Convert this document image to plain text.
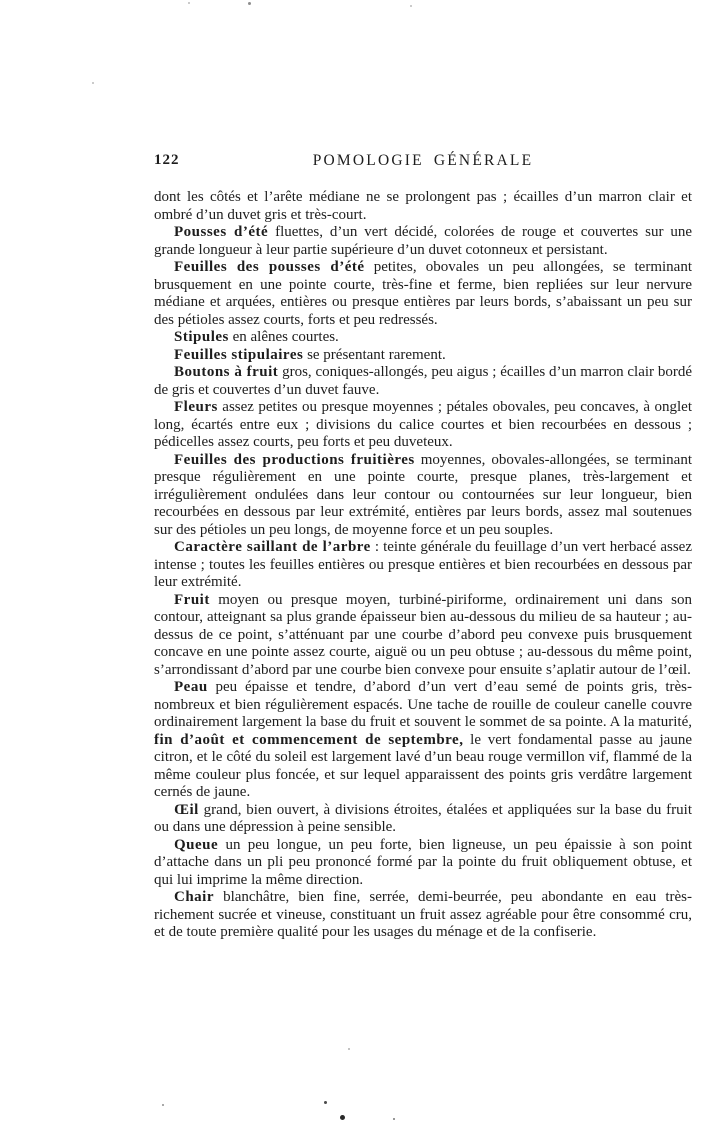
122	POMOLOGIE GÉNÉRALE

dont les côtés et l’arête médiane ne se prolongent pas ; écailles d’un marron clair et ombré d’un duvet gris et très-court.

Pousses d’été fluettes, d’un vert décidé, colorées de rouge et couvertes sur une grande longueur à leur partie supérieure d’un duvet cotonneux et persistant.

Feuilles des pousses d’été petites, obovales un peu allongées, se terminant brusquement en une pointe courte, très-fine et ferme, bien repliées sur leur nervure médiane et arquées, entières ou presque entières par leurs bords, s’abaissant un peu sur des pétioles assez courts, forts et peu redressés.

Stipules en alênes courtes.

Feuilles stipulaires se présentant rarement.

Boutons à fruit gros, coniques-allongés, peu aigus ; écailles d’un marron clair bordé de gris et couvertes d’un duvet fauve.

Fleurs assez petites ou presque moyennes ; pétales obovales, peu concaves, à onglet long, écartés entre eux ; divisions du calice courtes et bien recourbées en dessous ; pédicelles assez courts, peu forts et peu duveteux.

Feuilles des productions fruitières moyennes, obovales-allongées, se terminant presque régulièrement en une pointe courte, presque planes, très-largement et irrégulièrement ondulées dans leur contour ou contournées sur leur longueur, bien recourbées en dessous par leur extrémité, entières par leurs bords, assez mal soutenues sur des pétioles un peu longs, de moyenne force et un peu souples.

Caractère saillant de l’arbre : teinte générale du feuillage d’un vert herbacé assez intense ; toutes les feuilles entières ou presque entières et bien recourbées en dessous par leur extrémité.

Fruit moyen ou presque moyen, turbiné-piriforme, ordinairement uni dans son contour, atteignant sa plus grande épaisseur bien au-dessous du milieu de sa hauteur ; au-dessus de ce point, s’atténuant par une courbe d’abord peu convexe puis brusquement concave en une pointe assez courte, aiguë ou un peu obtuse ; au-dessous du même point, s’arrondissant d’abord par une courbe bien convexe pour ensuite s’aplatir autour de l’œil.

Peau peu épaisse et tendre, d’abord d’un vert d’eau semé de points gris, très-nombreux et bien régulièrement espacés. Une tache de rouille de couleur canelle couvre ordinairement largement la base du fruit et souvent le sommet de sa pointe. A la maturité, fin d’août et commencement de septembre, le vert fondamental passe au jaune citron, et le côté du soleil est largement lavé d’un beau rouge vermillon vif, flammé de la même couleur plus foncée, et sur lequel apparaissent des points gris verdâtre largement cernés de jaune.

Œil grand, bien ouvert, à divisions étroites, étalées et appliquées sur la base du fruit ou dans une dépression à peine sensible.

Queue un peu longue, un peu forte, bien ligneuse, un peu épaissie à son point d’attache dans un pli peu prononcé formé par la pointe du fruit obliquement obtuse, et qui lui imprime la même direction.

Chair blanchâtre, bien fine, serrée, demi-beurrée, peu abondante en eau très-richement sucrée et vineuse, constituant un fruit assez agréable pour être consommé cru, et de toute première qualité pour les usages du ménage et de la confiserie.
